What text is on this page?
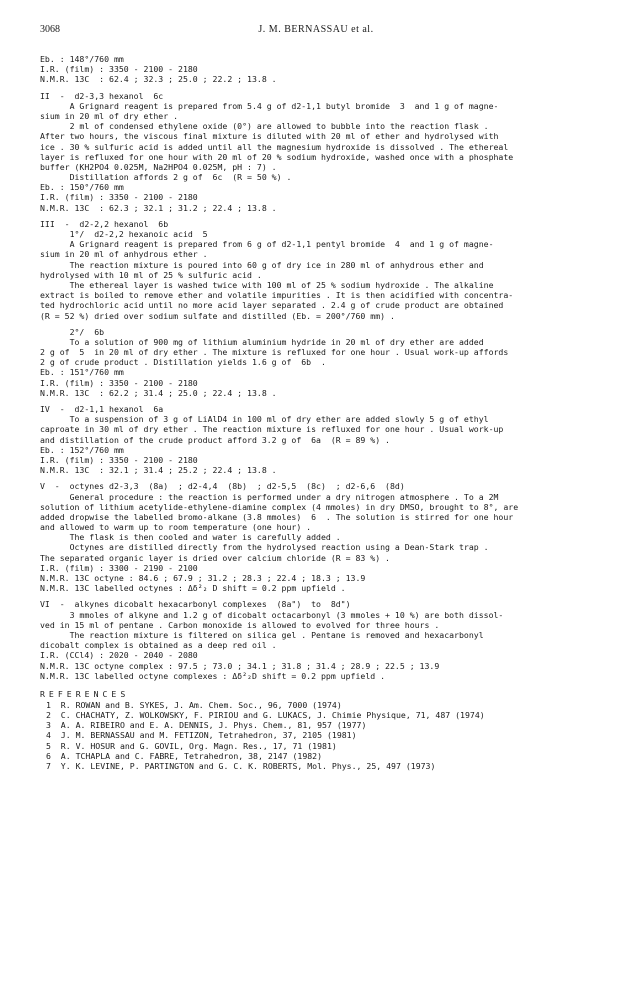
3068	J. M. BERNASSAU et al.
Eb. : 148°/760 mm
I.R. (film) : 3350 - 2100 - 2180
N.M.R. 13C  : 62.4 ; 32.3 ; 25.0 ; 22.2 ; 13.8 .
II  -  d2-3,3 hexanol  6c
A Grignard reagent is prepared from 5.4 g of d2-1,1 butyl bromide  3  and 1 g of magne-
sium in 20 ml of dry ether .
2 ml of condensed ethylene oxide (0°) are allowed to bubble into the reaction flask .
After two hours, the viscous final mixture is diluted with 20 ml of ether and hydrolysed with
ice . 30 % sulfuric acid is added until all the magnesium hydroxide is dissolved . The ethereal
layer is refluxed for one hour with 20 ml of 20 % sodium hydroxide, washed once with a phosphate
buffer (KH2PO4 0.025M, Na2HPO4 0.025M, pH : 7) .
Distillation affords 2 g of  6c  (R = 50 %) .
Eb. : 150°/760 mm
I.R. (film) : 3350 - 2100 - 2180
N.M.R. 13C  : 62.3 ; 32.1 ; 31.2 ; 22.4 ; 13.8 .
III  -  d2-2,2 hexanol  6b
1°/  d2-2,2 hexanoic acid  5
A Grignard reagent is prepared from 6 g of d2-1,1 pentyl bromide  4  and 1 g of magne-
sium in 20 ml of anhydrous ether .
The reaction mixture is poured into 60 g of dry ice in 280 ml of anhydrous ether and
hydrolysed with 10 ml of 25 % sulfuric acid .
The ethereal layer is washed twice with 100 ml of 25 % sodium hydroxide . The alkaline
extract is boiled to remove ether and volatile impurities . It is then acidified with concentra-
ted hydrochloric acid until no more acid layer separated . 2.4 g of crude product are obtained
(R = 52 %) dried over sodium sulfate and distilled (Eb. = 200°/760 mm) .
2°/  6b
To a solution of 900 mg of lithium aluminium hydride in 20 ml of dry ether are added
2 g of  5  in 20 ml of dry ether . The mixture is refluxed for one hour . Usual work-up affords
2 g of crude product . Distillation yields 1.6 g of  6b  .
Eb. : 151°/760 mm
I.R. (film) : 3350 - 2100 - 2180
N.M.R. 13C  : 62.2 ; 31.4 ; 25.0 ; 22.4 ; 13.8 .
IV  -  d2-1,1 hexanol  6a
To a suspension of 3 g of LiAlD4 in 100 ml of dry ether are added slowly 5 g of ethyl
caproate in 30 ml of dry ether . The reaction mixture is refluxed for one hour . Usual work-up
and distillation of the crude product afford 3.2 g of  6a  (R = 89 %) .
Eb. : 152°/760 mm
I.R. (film) : 3350 - 2100 - 2180
N.M.R. 13C  : 32.1 ; 31.4 ; 25.2 ; 22.4 ; 13.8 .
V  -  octynes d2-3,3  (8a)  ; d2-4,4  (8b)  ; d2-5,5  (8c)  ; d2-6,6  (8d)
General procedure : the reaction is performed under a dry nitrogen atmosphere . To a 2M
solution of lithium acetylide-ethylene-diamine complex (4 mmoles) in dry DMSO, brought to 8°, are
added dropwise the labelled bromo-alkane (3.8 mmoles)  6  . The solution is stirred for one hour
and allowed to warm up to room temperature (one hour) .
The flask is then cooled and water is carefully added .
Octynes are distilled directly from the hydrolysed reaction using a Dean-Stark trap .
The separated organic layer is dried over calcium chloride (R = 83 %) .
I.R. (film) : 3300 - 2190 - 2100
N.M.R. 13C octyne : 84.6 ; 67.9 ; 31.2 ; 28.3 ; 22.4 ; 18.3 ; 13.9
N.M.R. 13C labelled octynes : Δδ²₂ D shift = 0.2 ppm upfield .
VI  -  alkynes dicobalt hexacarbonyl complexes  (8a")  to  8d")
3 mmoles of alkyne and 1.2 g of dicobalt octacarbonyl (3 mmoles + 10 %) are both dissol-
ved in 15 ml of pentane . Carbon monoxide is allowed to evolved for three hours .
The reaction mixture is filtered on silica gel . Pentane is removed and hexacarbonyl
dicobalt complex is obtained as a deep red oil .
I.R. (CCl4) : 2020 - 2040 - 2080
N.M.R. 13C octyne complex : 97.5 ; 73.0 ; 34.1 ; 31.8 ; 31.4 ; 28.9 ; 22.5 ; 13.9
N.M.R. 13C labelled octyne complexes : Δδ²₂D shift = 0.2 ppm upfield .
REFERENCES
1  R. ROWAN and B. SYKES, J. Am. Chem. Soc., 96, 7000 (1974)
2  C. CHACHATY, Z. WOLKOWSKY, F. PIRIOU and G. LUKACS, J. Chimie Physique, 71, 487 (1974)
3  A. A. RIBEIRO and E. A. DENNIS, J. Phys. Chem., 81, 957 (1977)
4  J. M. BERNASSAU and M. FETIZON, Tetrahedron, 37, 2105 (1981)
5  R. V. HOSUR and G. GOVIL, Org. Magn. Res., 17, 71 (1981)
6  A. TCHAPLA and C. FABRE, Tetrahedron, 38, 2147 (1982)
7  Y. K. LEVINE, P. PARTINGTON and G. C. K. ROBERTS, Mol. Phys., 25, 497 (1973)
